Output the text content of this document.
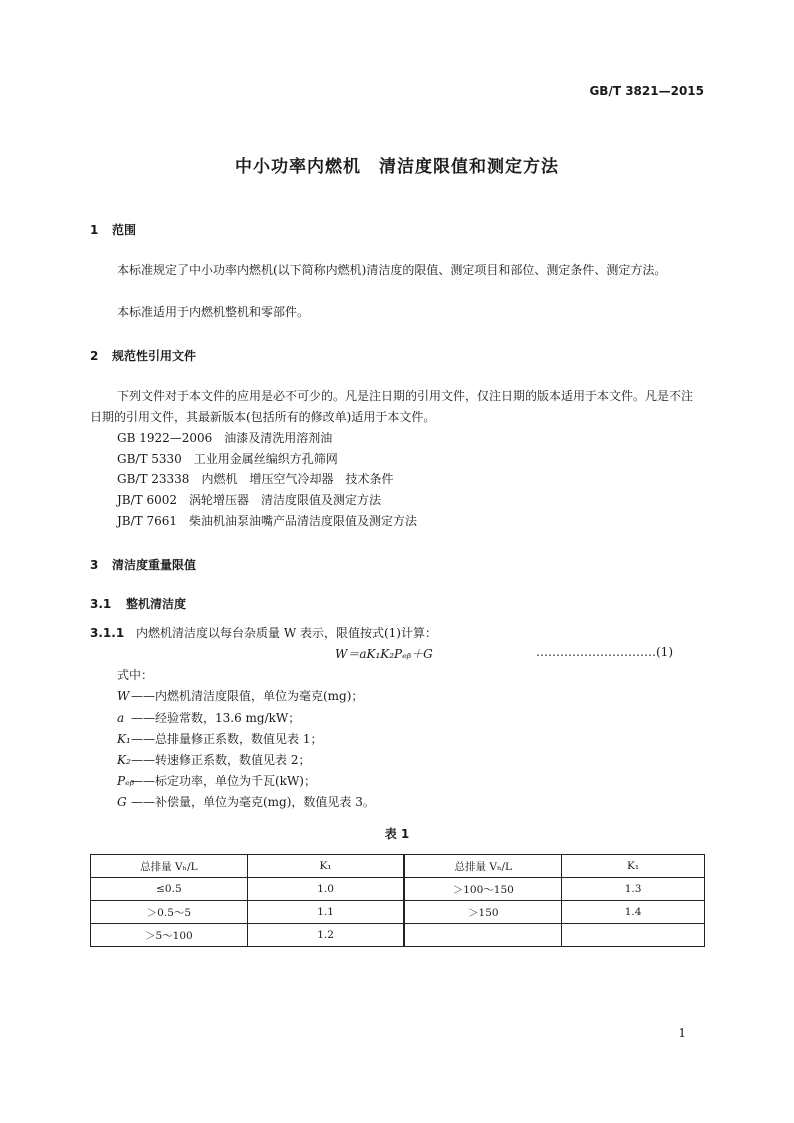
GB/T 3821—2015
中小功率内燃机　清洁度限值和测定方法
1 范围
本标准规定了中小功率内燃机(以下简称内燃机)清洁度的限值、测定项目和部位、测定条件、测定方法。
本标准适用于内燃机整机和零部件。
2 规范性引用文件
下列文件对于本文件的应用是必不可少的。凡是注日期的引用文件，仅注日期的版本适用于本文件。凡是不注日期的引用文件，其最新版本(包括所有的修改单)适用于本文件。
GB 1922—2006　油漆及清洗用溶剂油
GB/T 5330　工业用金属丝编织方孔筛网
GB/T 23338　内燃机　增压空气冷却器　技术条件
JB/T 6002　涡轮增压器　清洁度限值及测定方法
JB/T 7661　柴油机油泵油嘴产品清洁度限值及测定方法
3 清洁度重量限值
3.1 整机清洁度
3.1.1 内燃机清洁度以每台杂质量 W 表示，限值按式(1)计算：
W＝aK₁K₂Pₑᵦ＋G	…………………………(1)
式中：
W ——内燃机清洁度限值，单位为毫克(mg)；
a ——经验常数，13.6 mg/kW；
K₁——总排量修正系数，数值见表 1；
K₂——转速修正系数，数值见表 2；
Pₑᵦ——标定功率，单位为千瓦(kW)；
G ——补偿量，单位为毫克(mg)，数值见表 3。
表 1
总排量 Vₕ/L	K₁	总排量 Vₕ/L	K₁
≤0.5	1.0	＞100～150	1.3
＞0.5～5	1.1	＞150	1.4
＞5～100	1.2		
1
